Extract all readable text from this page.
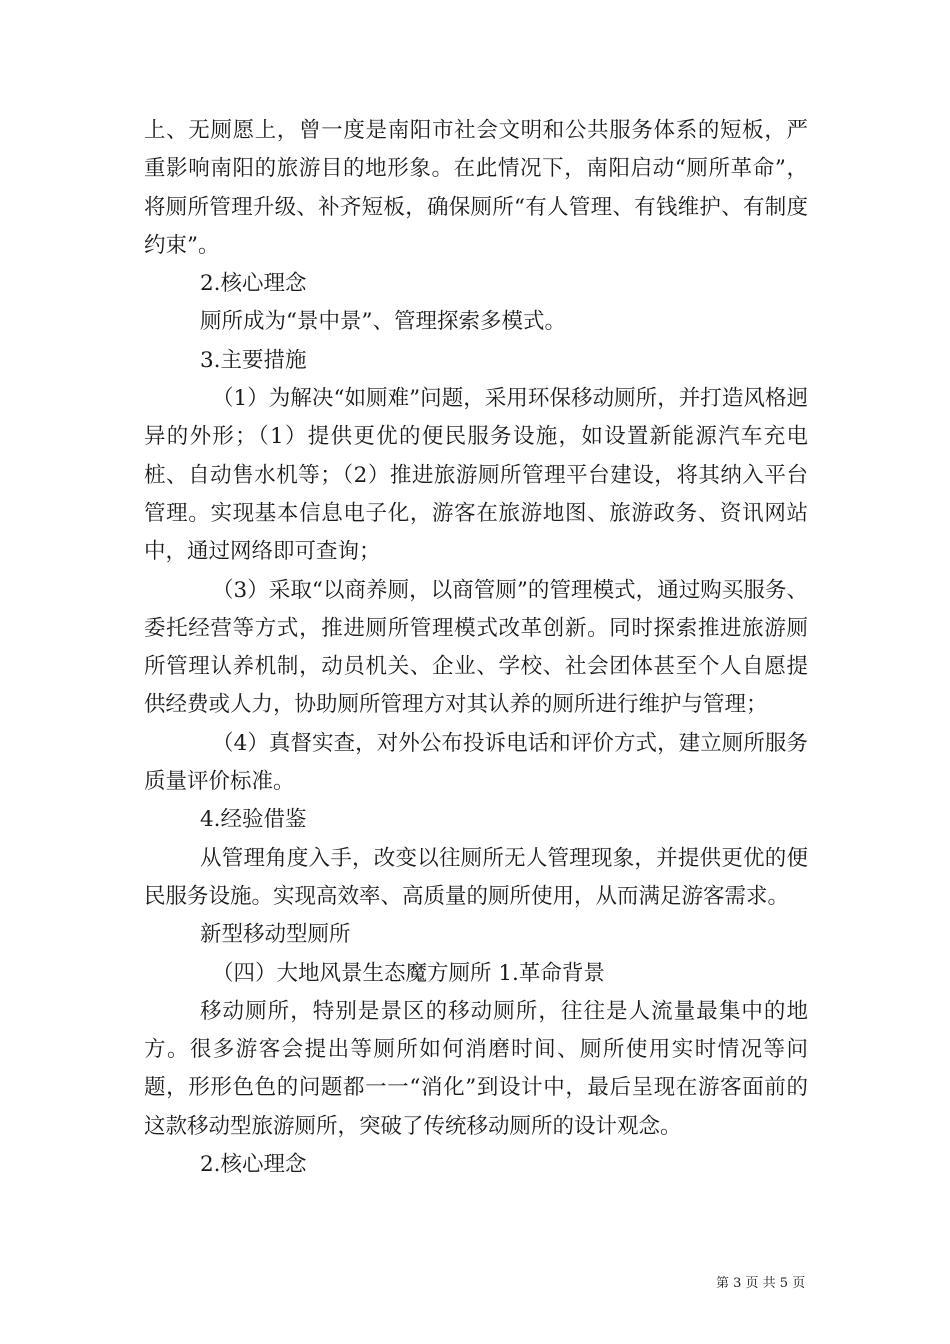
上、无厕愿上，曾一度是南阳市社会文明和公共服务体系的短板，严重影响南阳的旅游目的地形象。在此情况下，南阳启动“厕所革命”，将厕所管理升级、补齐短板，确保厕所“有人管理、有钱维护、有制度约束”。

2.核心理念

厕所成为“景中景”、管理探索多模式。

3.主要措施

（1）为解决“如厕难”问题，采用环保移动厕所，并打造风格迥异的外形；（1）提供更优的便民服务设施，如设置新能源汽车充电桩、自动售水机等；（2）推进旅游厕所管理平台建设，将其纳入平台管理。实现基本信息电子化，游客在旅游地图、旅游政务、资讯网站中，通过网络即可查询；

（3）采取“以商养厕，以商管厕”的管理模式，通过购买服务、委托经营等方式，推进厕所管理模式改革创新。同时探索推进旅游厕所管理认养机制，动员机关、企业、学校、社会团体甚至个人自愿提供经费或人力，协助厕所管理方对其认养的厕所进行维护与管理；

（4）真督实查，对外公布投诉电话和评价方式，建立厕所服务质量评价标准。

4.经验借鉴

从管理角度入手，改变以往厕所无人管理现象，并提供更优的便民服务设施。实现高效率、高质量的厕所使用，从而满足游客需求。

新型移动型厕所

（四）大地风景生态魔方厕所 1.革命背景

移动厕所，特别是景区的移动厕所，往往是人流量最集中的地方。很多游客会提出等厕所如何消磨时间、厕所使用实时情况等问题，形形色色的问题都一一“消化”到设计中，最后呈现在游客面前的这款移动型旅游厕所，突破了传统移动厕所的设计观念。

2.核心理念

第 3 页 共 5 页
